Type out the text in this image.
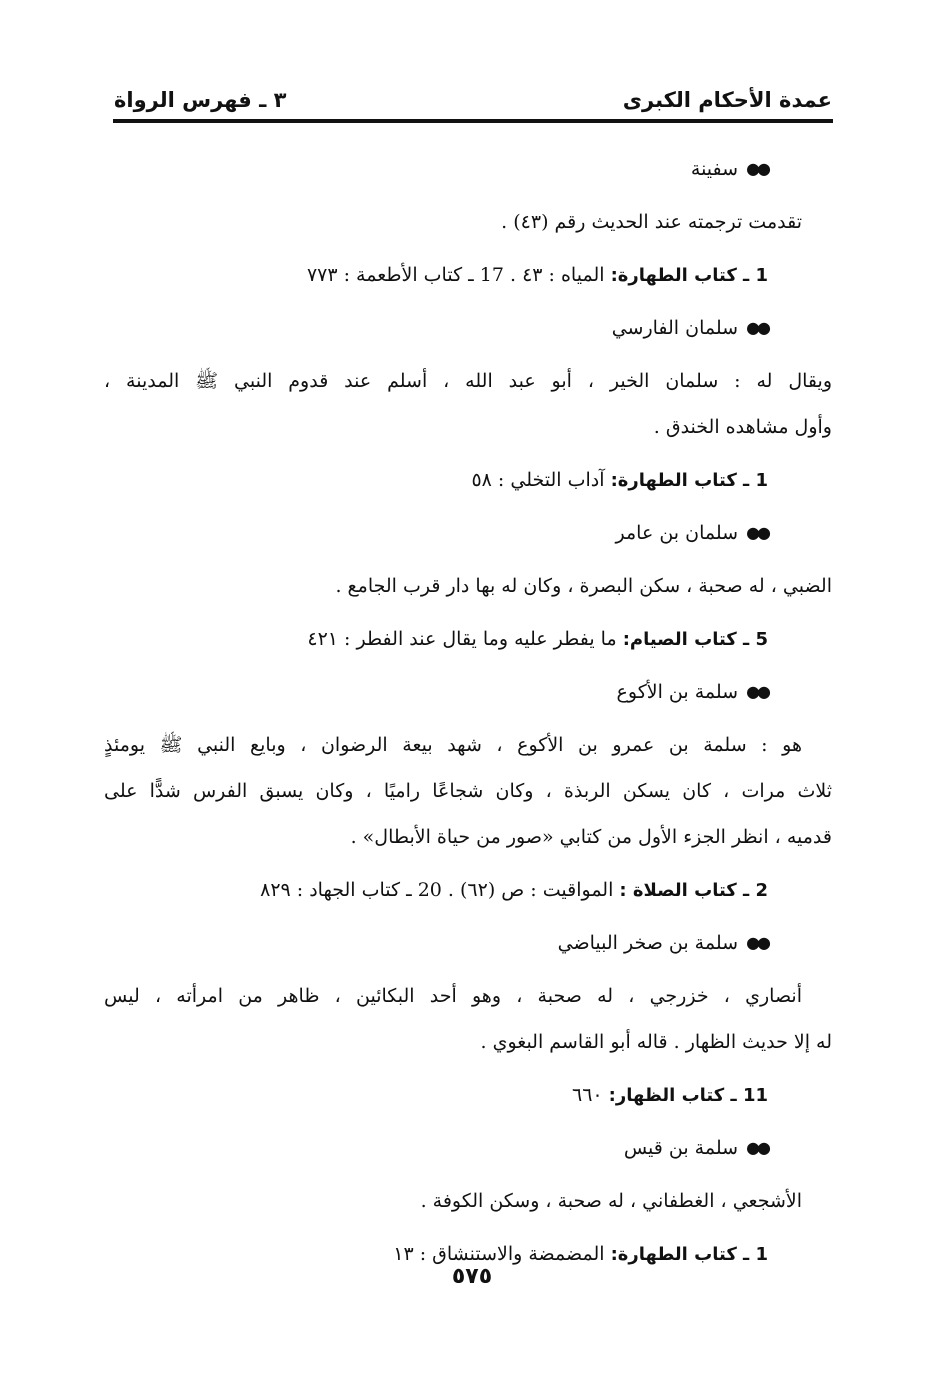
عمدة الأحكام الكبرى
٣ ـ فهرس الرواة
●●
سفينة
تقدمت ترجمته عند الحديث رقم (٤٣) .
1 ـ كتاب الطهارة: المياه : ٤٣ . 17 ـ كتاب الأطعمة : ٧٧٣
●●
سلمان الفارسي
ويقال له : سلمان الخير ، أبو عبد الله ، أسلم عند قدوم النبي ﷺ المدينة ،
وأول مشاهده الخندق .
1 ـ كتاب الطهارة: آداب التخلي : ٥٨
●●
سلمان بن عامر
الضبي ، له صحبة ، سكن البصرة ، وكان له بها دار قرب الجامع .
5 ـ كتاب الصيام: ما يفطر عليه وما يقال عند الفطر : ٤٢١
●●
سلمة بن الأكوع
هو : سلمة بن عمرو بن الأكوع ، شهد بيعة الرضوان ، وبايع النبي ﷺ يومئذٍ
ثلاث مرات ، كان يسكن الربذة ، وكان شجاعًا راميًا ، وكان يسبق الفرس شدًّا على
قدميه ، انظر الجزء الأول من كتابي «صور من حياة الأبطال» .
2 ـ كتاب الصلاة : المواقيت : ص (٦٢) . 20 ـ كتاب الجهاد : ٨٢٩
●●
سلمة بن صخر البياضي
أنصاري ، خزرجي ، له صحبة ، وهو أحد البكائين ، ظاهر من امرأته ، ليس
له إلا حديث الظهار . قاله أبو القاسم البغوي .
11 ـ كتاب الظهار: ٦٦٠
●●
سلمة بن قيس
الأشجعي ، الغطفاني ، له صحبة ، وسكن الكوفة .
1 ـ كتاب الطهارة: المضمضة والاستنشاق : ١٣
٥٧٥
